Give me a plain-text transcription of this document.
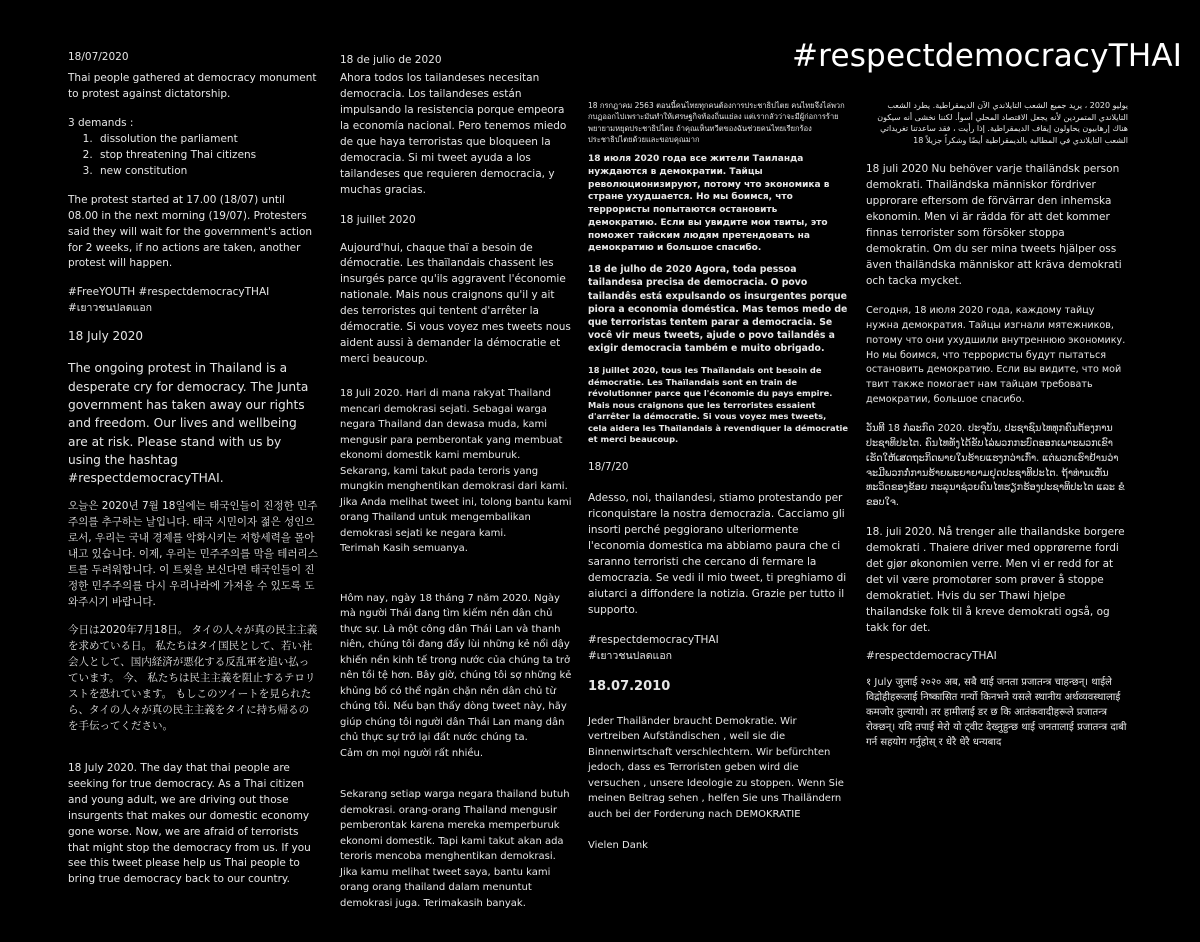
#respectdemocracyTHAI
18/07/2020
Thai people gathered at democracy monument to protest against dictatorship.
3 demands :
1. dissolution the parliament
2. stop threatening Thai citizens
3. new constitution
The protest started at 17.00 (18/07) until 08.00 in the next morning (19/07). Protesters said they will wait for the government's action for 2 weeks, if no actions are taken, another protest will happen.
#FreeYOUTH #respectdemocracyTHAI
#เยาวชนปลดแอก
18 July 2020
The ongoing protest in Thailand is a desperate cry for democracy. The Junta government has taken away our rights and freedom. Our lives and wellbeing are at risk. Please stand with us by using the hashtag #respectdemocracyTHAI.
오늘은 2020년 7월 18일에는 태국인들이 진정한 민주주의를 추구하는 날입니다. 태국 시민이자 젊은 성인으로서, 우리는 국내 경제를 악화시키는 저항세력을 몰아내고 있습니다. 이제, 우리는 민주주의를 막을 테러리스트를 두려워합니다. 이 트윗을 보신다면 태국인들이 진정한 민주주의를 다시 우리나라에 가져올 수 있도록 도와주시기 바랍니다.
今日は2020年7月18日。 タイの人々が真の民主主義を求めている日。 私たちはタイ国民として、若い社会人として、国内経済が悪化する反乱軍を追い払っています。 今、 私たちは民主主義を阻止するテロリストを恐れています。 もしこのツイートを見られたら、タイの人々が真の民主主義をタイに持ち帰るのを手伝ってください。
18 July 2020. The day that thai people are seeking for true democracy. As a Thai citizen and young adult, we are driving out those insurgents that makes our domestic economy gone worse. Now, we are afraid of terrorists that might stop the democracy from us. If you see this tweet please help us Thai people to bring true democracy back to our country.
18 de julio de 2020
Ahora todos los tailandeses necesitan democracia. Los tailandeses están impulsando la resistencia porque empeora la economía nacional. Pero tenemos miedo de que haya terroristas que bloqueen la democracia. Si mi tweet ayuda a los tailandeses que requieren democracia, y muchas gracias.
18 juillet 2020
Aujourd'hui, chaque thaï a besoin de démocratie. Les thaïlandais chassent les insurgés parce qu'ils aggravent l'économie nationale. Mais nous craignons qu'il y ait des terroristes qui tentent d'arrêter la démocratie. Si vous voyez mes tweets nous aident aussi à demander la démocratie et merci beaucoup.
18 Juli 2020. Hari di mana rakyat Thailand mencari demokrasi sejati. Sebagai warga negara Thailand dan dewasa muda, kami mengusir para pemberontak yang membuat ekonomi domestik kami memburuk. Sekarang, kami takut pada teroris yang mungkin menghentikan demokrasi dari kami. Jika Anda melihat tweet ini, tolong bantu kami orang Thailand untuk mengembalikan demokrasi sejati ke negara kami.
Terimah Kasih semuanya.
Hôm nay, ngày 18 tháng 7 năm 2020. Ngày mà người Thái đang tìm kiếm nền dân chủ thực sự. Là một công dân Thái Lan và thanh niên, chúng tôi đang đẩy lùi những kẻ nổi dậy khiến nền kinh tế trong nước của chúng ta trở nên tồi tệ hơn. Bây giờ, chúng tôi sợ những kẻ khủng bố có thể ngăn chặn nền dân chủ từ chúng tôi. Nếu bạn thấy dòng tweet này, hãy giúp chúng tôi người dân Thái Lan mang dân chủ thực sự trở lại đất nước chúng ta.
Cảm ơn mọi người rất nhiều.
Sekarang setiap warga negara thailand butuh demokrasi. orang-orang Thailand mengusir pemberontak karena mereka memperburuk ekonomi domestik. Tapi kami takut akan ada teroris mencoba menghentikan demokrasi. Jika kamu melihat tweet saya, bantu kami orang orang thailand dalam menuntut demokrasi juga. Terimakasih banyak.
18 กรกฎาคม 2563 ตอนนี้คนไทยทุกคนต้องการประชาธิปไตย คนไทยจึงไล่พวกกบฏออกไปเพราะมันทำให้เศรษฐกิจท้องถิ่นแย่ลง แต่เรากลัวว่าจะมีผู้ก่อการร้ายพยายามหยุดประชาธิปไตย ถ้าคุณเห็นทวีตของฉันช่วยคนไทยเรียกร้องประชาธิปไตยด้วยและขอบคุณมาก
18 июля 2020 года все жители Таиланда нуждаются в демократии. Тайцы революционизируют, потому что экономика в стране ухудшается. Но мы боимся, что террористы попытаются остановить демократию. Если вы увидите мои твиты, это поможет тайским людям претендовать на демократию и большое спасибо.
18 de julho de 2020 Agora, toda pessoa tailandesa precisa de democracia. O povo tailandês está expulsando os insurgentes porque piora a economia doméstica. Mas temos medo de que terroristas tentem parar a democracia. Se você vir meus tweets, ajude o povo tailandês a exigir democracia também e muito obrigado.
18 juillet 2020, tous les Thaïlandais ont besoin de démocratie. Les Thaïlandais sont en train de révolutionner parce que l'économie du pays empire. Mais nous craignons que les terroristes essaient d'arrêter la démocratie. Si vous voyez mes tweets, cela aidera les Thaïlandais à revendiquer la démocratie et merci beaucoup.
18/7/20
Adesso, noi, thailandesi, stiamo protestando per riconquistare la nostra democrazia. Cacciamo gli insorti perché peggiorano ulteriormente l'economia domestica ma abbiamo paura che ci saranno terroristi che cercano di fermare la democrazia. Se vedi il mio tweet, ti preghiamo di aiutarci a diffondere la notizia. Grazie per tutto il supporto.
#respectdemocracyTHAI
#เยาวชนปลดแอก
18.07.2010
Jeder Thailänder braucht Demokratie. Wir vertreiben Aufständischen , weil sie die Binnenwirtschaft verschlechtern. Wir befürchten jedoch, dass es Terroristen geben wird die versuchen , unsere Ideologie zu stoppen. Wenn Sie meinen Beitrag sehen , helfen Sie uns Thailändern auch bei der Forderung nach DEMOKRATIE
Vielen Dank
يوليو 2020 ، يريد جميع الشعب التايلاندي الآن الديمقراطية. يطرد الشعب التايلاندي المتمردين لأنه يجعل الاقتصاد المحلي أسوأ. لكننا نخشى أنه سيكون هناك إرهابيون يحاولون إيقاف الديمقراطية. إذا رأيت ، فقد ساعدتنا تغريداتي الشعب التايلاندي في المطالبة بالديمقراطية أيضًا وشكراً جزيلاً 18
18 juli 2020 Nu behöver varje thailändsk person demokrati. Thailändska människor fördriver upprorare eftersom de förvärrar den inhemska ekonomin. Men vi är rädda för att det kommer finnas terrorister som försöker stoppa demokratin. Om du ser mina tweets hjälper oss även thailändska människor att kräva demokrati och tacka mycket.
Сегодня, 18 июля 2020 года, каждому тайцу нужна демократия. Тайцы изгнали мятежников, потому что они ухудшили внутреннюю экономику. Но мы боимся, что террористы будут пытаться остановить демократию. Если вы видите, что мой твит также помогает нам тайцам требовать демократии, большое спасибо.
ວັນທີ 18 ກໍລະກົດ 2020. ປະຈຸບັນ, ປະຊາຊົນໄທທຸກຄົນຕ້ອງການປະຊາທິປະໄຕ. ຄົນໄທທັງໄດ້ຂັບໄລ່ພວກກະບົດອອກເພາະພວກເຂົາເຮັດໃຫ້ເສດຖະກິດພາຍໃນຮ້າຍແຮງກວ່າເກົ່າ. ແຕ່ພວກເຮົາຢ້ານວ່າຈະມີພວກກໍ່ການຮ້າຍພະຍາຍາມຢຸດປະຊາທິປະໄຕ. ຖ້າທ່ານເຫັນທະວິດຂອງຂ້ອຍ ກະລຸນາຊ່ວຍຄົນໄທຮຽກຮ້ອງປະຊາທິປະໄຕ ແລະ ຂໍຂອບໃຈ.
18. juli 2020. Nå trenger alle thailandske borgere demokrati . Thaiere driver med opprørerne fordi det gjør økonomien verre. Men vi er redd for at det vil være promotører som prøver å stoppe demokratiet. Hvis du ser Thawi hjelpe thailandske folk til å kreve demokrati også, og takk for det.
#respectdemocracyTHAI
१ July जुलाई २०२० अब, सबै थाई जनता प्रजातन्त्र चाहन्छन्। थाईले विद्रोहीहरूलाई निष्कासित गर्न्यो किनभने यसले स्थानीय अर्थव्यवस्थालाई कमजोर तुल्यायो। तर हामीलाई डर छ कि आतंकवादीहरूले प्रजातन्त्र रोक्छन्। यदि तपाई मेरो यो ट्वीट देख्नुहुन्छ थाई जनतालाई प्रजातन्त्र दाबी गर्न सहयोग गर्नुहोस् र धेरै धेरै धन्यबाद
